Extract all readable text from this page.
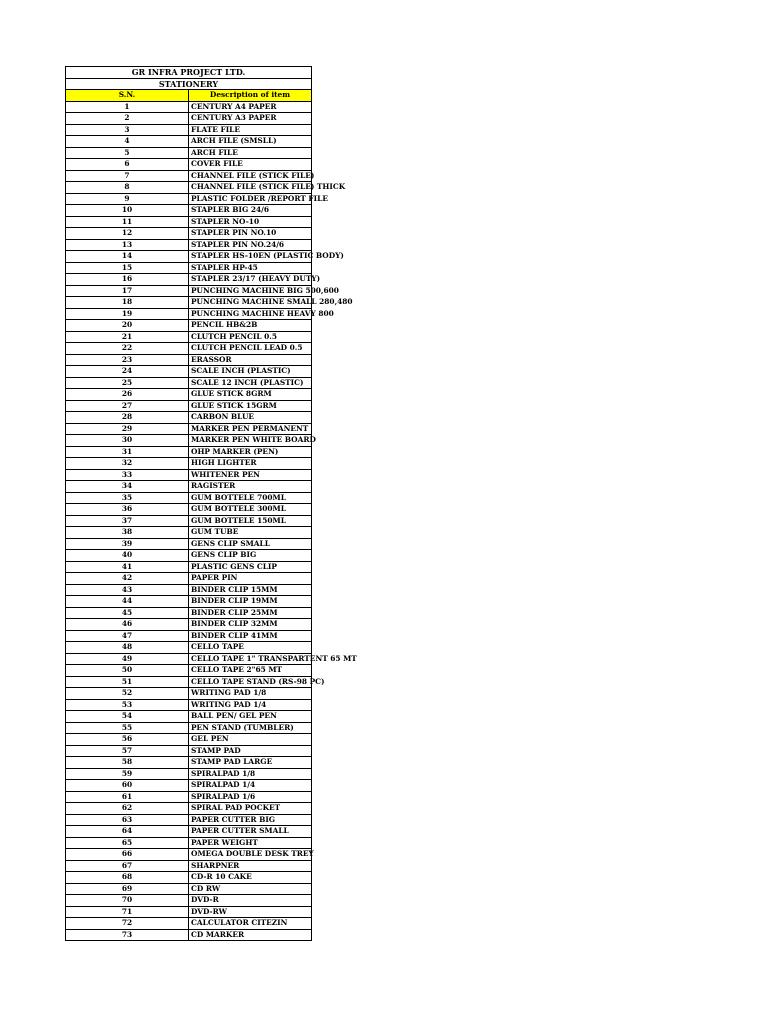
GR INFRA PROJECT LTD.	
STATIONERY	
S.N.	Description of item
1	CENTURY A4 PAPER
2	CENTURY A3 PAPER
3	FLATE FILE
4	ARCH FILE (SMSLL)
5	ARCH FILE
6	COVER FILE
7	CHANNEL FILE (STICK FILE)
8	CHANNEL FILE (STICK FILE) THICK
9	PLASTIC FOLDER /REPORT FILE
10	STAPLER BIG 24/6
11	STAPLER NO-10
12	STAPLER PIN NO.10
13	STAPLER PIN NO.24/6
14	STAPLER HS-10EN (PLASTIC BODY)
15	STAPLER HP-45
16	STAPLER 23/17 (HEAVY DUTY)
17	PUNCHING MACHINE BIG 500,600
18	PUNCHING MACHINE SMALL 280,480
19	PUNCHING MACHINE HEAVY 800
20	PENCIL HB&2B
21	CLUTCH PENCIL 0.5
22	CLUTCH PENCIL LEAD 0.5
23	ERASSOR
24	SCALE INCH (PLASTIC)
25	SCALE 12 INCH (PLASTIC)
26	GLUE STICK 8GRM
27	GLUE STICK 15GRM
28	CARBON BLUE
29	MARKER PEN PERMANENT
30	MARKER PEN WHITE BOARD
31	OHP MARKER (PEN)
32	HIGH LIGHTER
33	WHITENER PEN
34	RAGISTER
35	GUM BOTTELE 700ML
36	GUM BOTTELE 300ML
37	GUM BOTTELE 150ML
38	GUM TUBE
39	GENS CLIP SMALL
40	GENS CLIP BIG
41	PLASTIC GENS CLIP
42	PAPER PIN
43	BINDER CLIP 15MM
44	BINDER CLIP 19MM
45	BINDER CLIP 25MM
46	BINDER CLIP 32MM
47	BINDER CLIP 41MM
48	CELLO TAPE
49	CELLO TAPE 1" TRANSPARTENT 65 MT
50	CELLO TAPE 2"65 MT
51	CELLO TAPE STAND (RS-98 PC)
52	WRITING PAD 1/8
53	WRITING PAD 1/4
54	BALL PEN/ GEL PEN
55	PEN STAND (TUMBLER)
56	GEL PEN
57	STAMP PAD
58	STAMP PAD LARGE
59	SPIRALPAD 1/8
60	SPIRALPAD 1/4
61	SPIRALPAD 1/6
62	SPIRAL PAD POCKET
63	PAPER CUTTER BIG
64	PAPER CUTTER SMALL
65	PAPER WEIGHT
66	OMEGA DOUBLE DESK TREY
67	SHARPNER
68	CD-R 10 CAKE
69	CD RW
70	DVD-R
71	DVD-RW
72	CALCULATOR CITEZIN
73	CD MARKER
